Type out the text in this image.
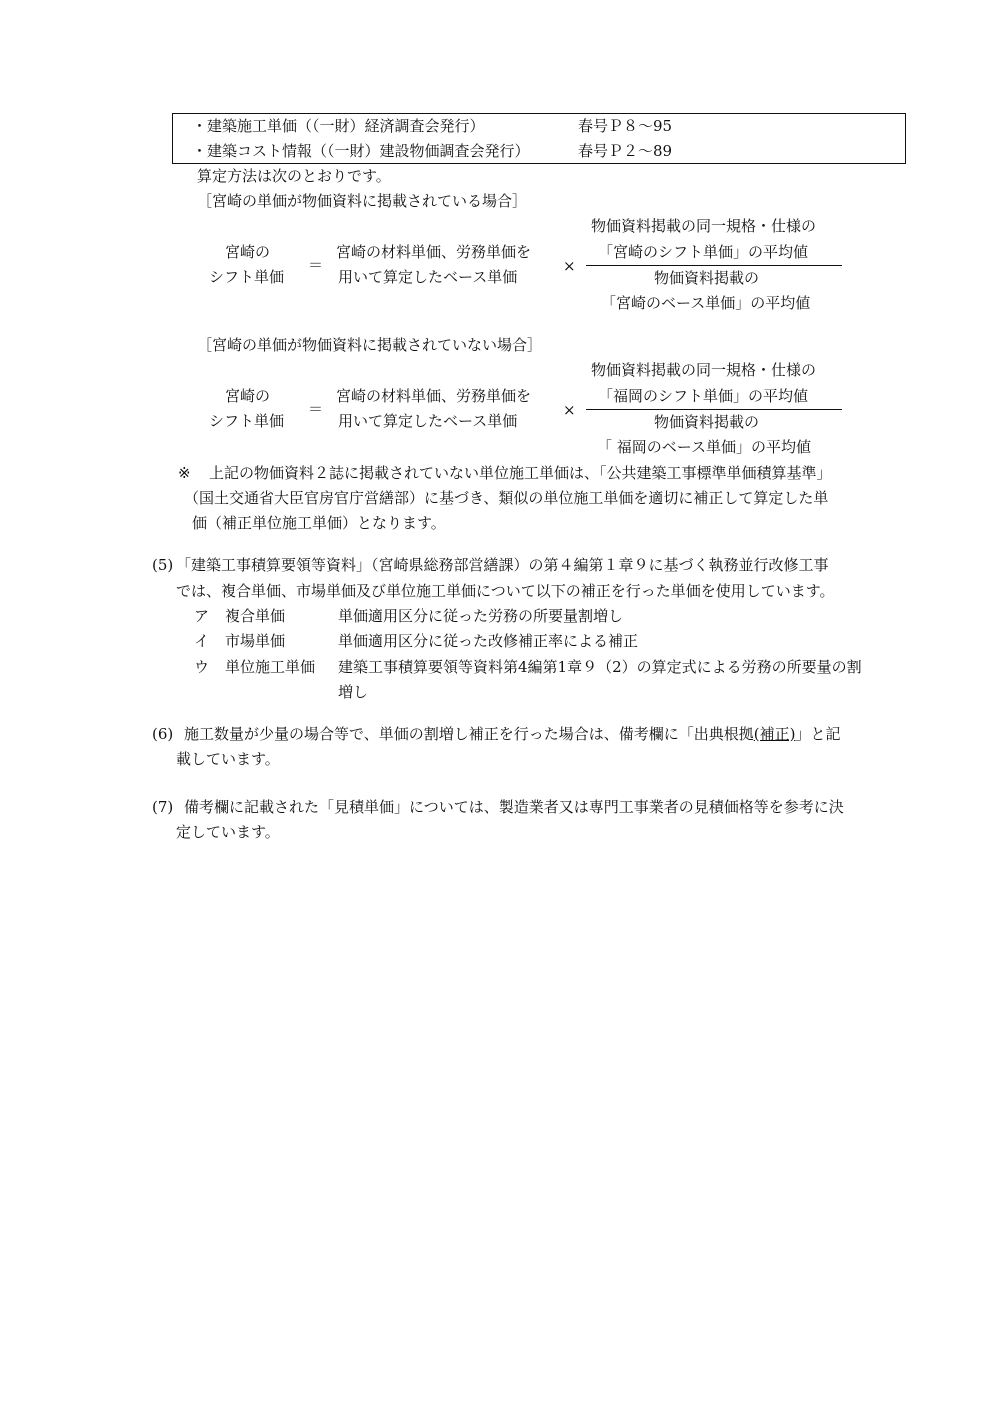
・建築施工単価（（一財）経済調査会発行）	春号Ｐ８～95
・建築コスト情報（（一財）建設物価調査会発行）	春号Ｐ２～89
算定方法は次のとおりです。
［宮崎の単価が物価資料に掲載されている場合］
物価資料掲載の同一規格・仕様の
宮崎の	宮崎の材料単価、労務単価を	「宮崎のシフト単価」の平均値
＝	×
シフト単価	用いて算定したベース単価	物価資料掲載の
「宮崎のベース単価」の平均値
［宮崎の単価が物価資料に掲載されていない場合］
物価資料掲載の同一規格・仕様の
宮崎の	宮崎の材料単価、労務単価を	「福岡のシフト単価」の平均値
＝	×
シフト単価	用いて算定したベース単価	物価資料掲載の
「 福岡のベース単価」の平均値
※ 上記の物価資料２誌に掲載されていない単位施工単価は、「公共建築工事標準単価積算基準」
（国土交通省大臣官房官庁営繕部）に基づき、類似の単位施工単価を適切に補正して算定した単
価（補正単位施工単価）となります。
(5) 「建築工事積算要領等資料」（宮崎県総務部営繕課）の第４編第１章９に基づく執務並行改修工事
では、複合単価、市場単価及び単位施工単価について以下の補正を行った単価を使用しています。
ア 複合単価	単価適用区分に従った労務の所要量割増し
イ 市場単価	単価適用区分に従った改修補正率による補正
ウ 単位施工単価 建築工事積算要領等資料第4編第1章９（2）の算定式による労務の所要量の割
増し
(6) 施工数量が少量の場合等で、単価の割増し補正を行った場合は、備考欄に「出典根拠(補正)」と記
載しています。
(7) 備考欄に記載された「見積単価」については、製造業者又は専門工事業者の見積価格等を参考に決
定しています。
